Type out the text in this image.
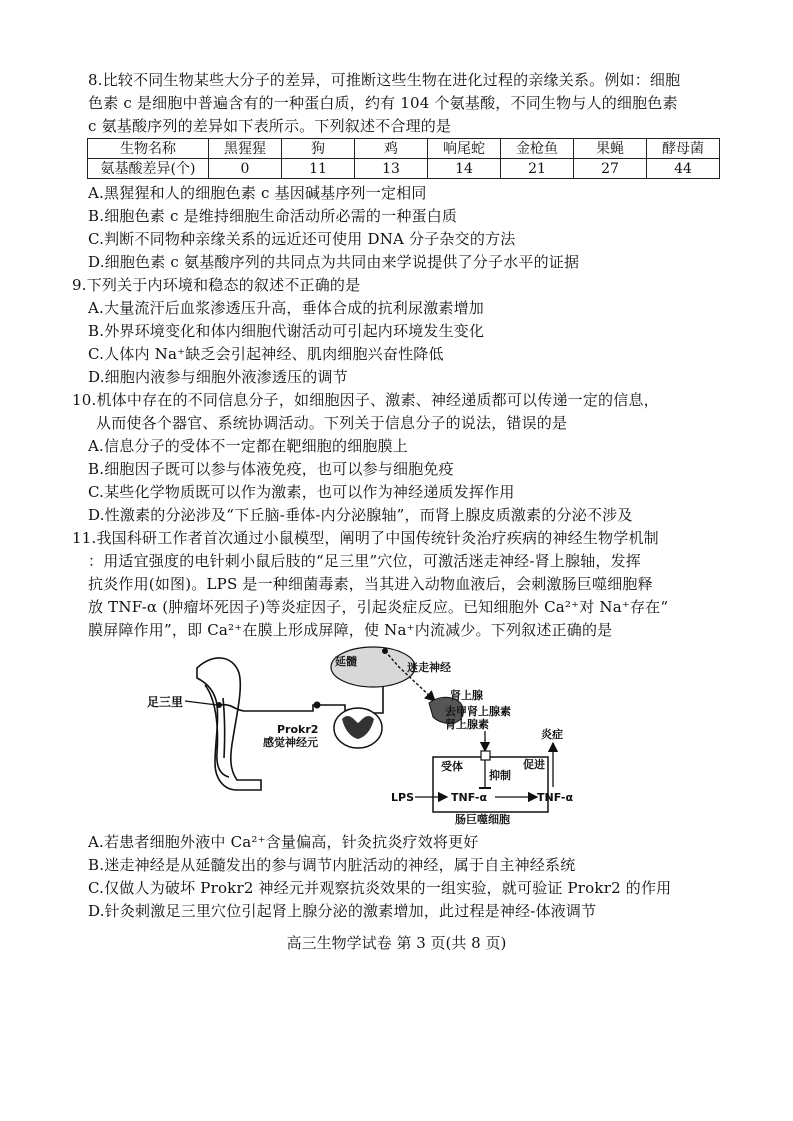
8.比较不同生物某些大分子的差异，可推断这些生物在进化过程的亲缘关系。例如：细胞
色素 c 是细胞中普遍含有的一种蛋白质，约有 104 个氨基酸，不同生物与人的细胞色素
c 氨基酸序列的差异如下表所示。下列叙述不合理的是
生物名称	黑猩猩	狗	鸡	响尾蛇	金枪鱼	果蝇	酵母菌
氨基酸差异(个)	0	11	13	14	21	27	44
A.黑猩猩和人的细胞色素 c 基因碱基序列一定相同
B.细胞色素 c 是维持细胞生命活动所必需的一种蛋白质
C.判断不同物种亲缘关系的远近还可使用 DNA 分子杂交的方法
D.细胞色素 c 氨基酸序列的共同点为共同由来学说提供了分子水平的证据
9.下列关于内环境和稳态的叙述不正确的是
A.大量流汗后血浆渗透压升高，垂体合成的抗利尿激素增加
B.外界环境变化和体内细胞代谢活动可引起内环境发生变化
C.人体内 Na⁺缺乏会引起神经、肌肉细胞兴奋性降低
D.细胞内液参与细胞外液渗透压的调节
10.机体中存在的不同信息分子，如细胞因子、激素、神经递质都可以传递一定的信息，
从而使各个器官、系统协调活动。下列关于信息分子的说法，错误的是
A.信息分子的受体不一定都在靶细胞的细胞膜上
B.细胞因子既可以参与体液免疫，也可以参与细胞免疫
C.某些化学物质既可以作为激素，也可以作为神经递质发挥作用
D.性激素的分泌涉及“下丘脑-垂体-内分泌腺轴”，而肾上腺皮质激素的分泌不涉及
11.我国科研工作者首次通过小鼠模型，阐明了中国传统针灸治疗疾病的神经生物学机制
：用适宜强度的电针刺小鼠后肢的“足三里”穴位，可激活迷走神经-肾上腺轴，发挥
抗炎作用(如图)。LPS 是一种细菌毒素，当其进入动物血液后，会刺激肠巨噬细胞释
放 TNF-α (肿瘤坏死因子)等炎症因子，引起炎症反应。已知细胞外 Ca²⁺对 Na⁺存在“
膜屏障作用”，即 Ca²⁺在膜上形成屏障，使 Na⁺内流减少。下列叙述正确的是
足三里
Prokr2
感觉神经元
延髓	迷走神经
肾上腺
去甲肾上腺素
肾上腺素
受体
抑制
TNF-α
肠巨噬细胞
LPS	TNF-α
促进
炎症
A.若患者细胞外液中 Ca²⁺含量偏高，针灸抗炎疗效将更好
B.迷走神经是从延髓发出的参与调节内脏活动的神经，属于自主神经系统
C.仅做人为破坏 Prokr2 神经元并观察抗炎效果的一组实验，就可验证 Prokr2 的作用
D.针灸刺激足三里穴位引起肾上腺分泌的激素增加，此过程是神经-体液调节
高三生物学试卷 第 3 页(共 8 页)
